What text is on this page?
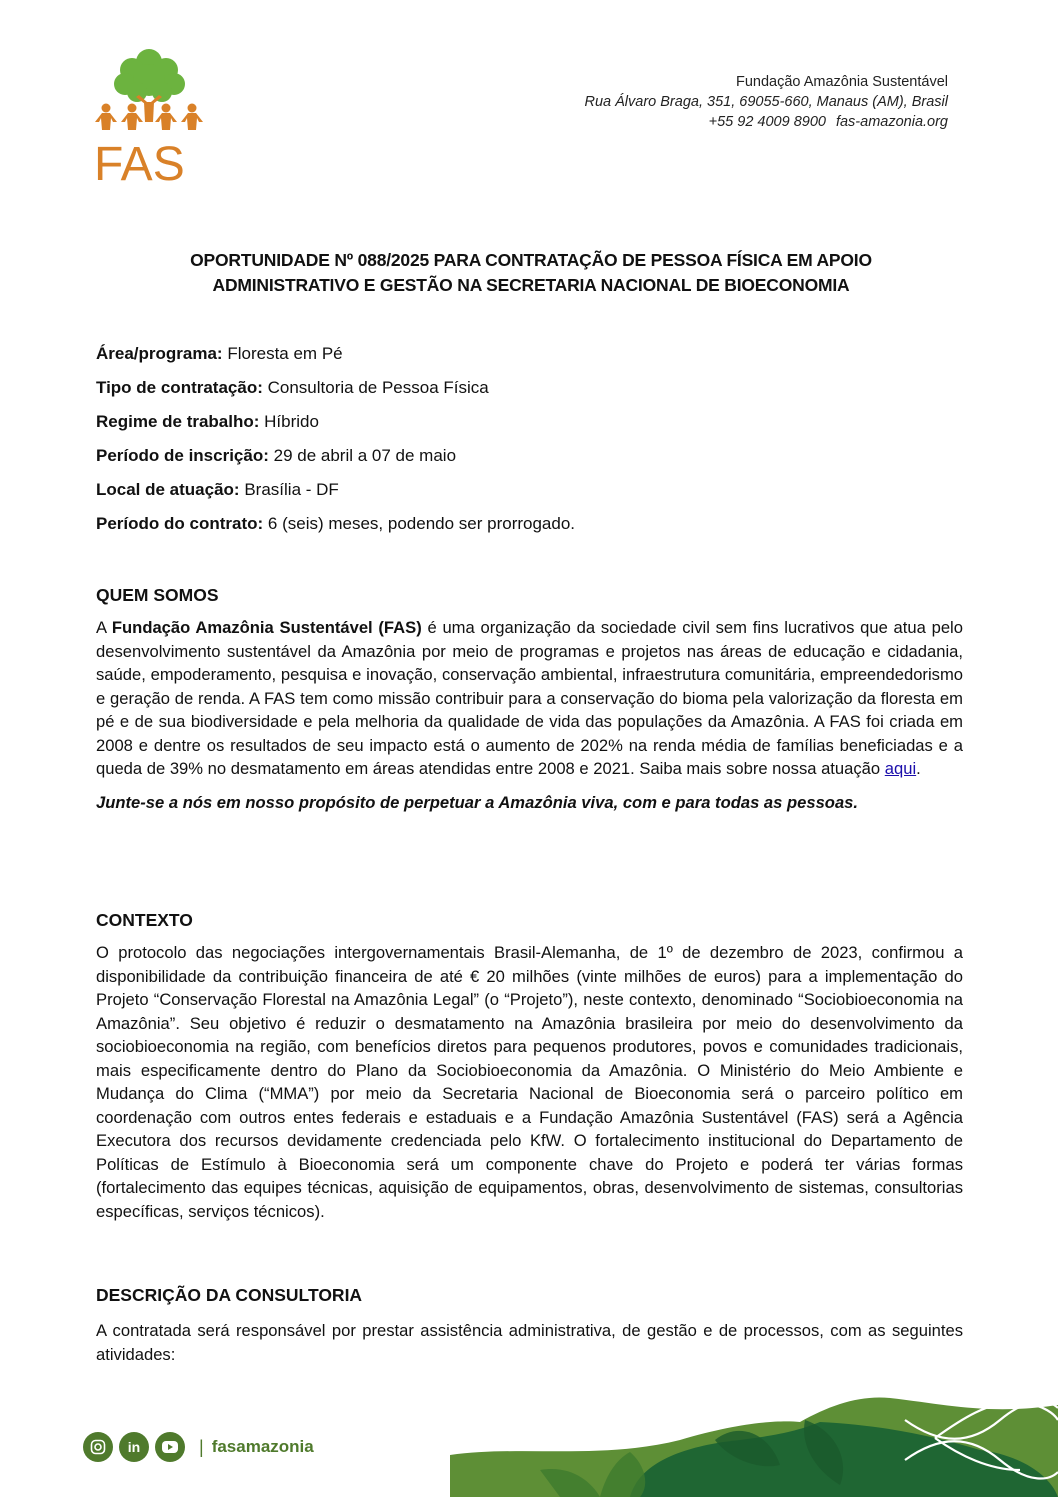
FAS
Fundação Amazônia Sustentável
Rua Álvaro Braga, 351, 69055-660, Manaus (AM), Brasil
+55 92 4009 8900 fas-amazonia.org
OPORTUNIDADE Nº 088/2025 PARA CONTRATAÇÃO DE PESSOA FÍSICA EM APOIO
ADMINISTRATIVO E GESTÃO NA SECRETARIA NACIONAL DE BIOECONOMIA
Área/programa: Floresta em Pé
Tipo de contratação: Consultoria de Pessoa Física
Regime de trabalho: Híbrido
Período de inscrição: 29 de abril a 07 de maio
Local de atuação: Brasília - DF
Período do contrato: 6 (seis) meses, podendo ser prorrogado.
QUEM SOMOS

A Fundação Amazônia Sustentável (FAS) é uma organização da sociedade civil sem fins lucrativos que atua pelo desenvolvimento sustentável da Amazônia por meio de programas e projetos nas áreas de educação e cidadania, saúde, empoderamento, pesquisa e inovação, conservação ambiental, infraestrutura comunitária, empreendedorismo e geração de renda. A FAS tem como missão contribuir para a conservação do bioma pela valorização da floresta em pé e de sua biodiversidade e pela melhoria da qualidade de vida das populações da Amazônia. A FAS foi criada em 2008 e dentre os resultados de seu impacto está o aumento de 202% na renda média de famílias beneficiadas e a queda de 39% no desmatamento em áreas atendidas entre 2008 e 2021. Saiba mais sobre nossa atuação aqui.

Junte-se a nós em nosso propósito de perpetuar a Amazônia viva, com e para todas as pessoas.

CONTEXTO

O protocolo das negociações intergovernamentais Brasil-Alemanha, de 1º de dezembro de 2023, confirmou a disponibilidade da contribuição financeira de até € 20 milhões (vinte milhões de euros) para a implementação do Projeto “Conservação Florestal na Amazônia Legal” (o “Projeto”), neste contexto, denominado “Sociobioeconomia na Amazônia”. Seu objetivo é reduzir o desmatamento na Amazônia brasileira por meio do desenvolvimento da sociobioeconomia na região, com benefícios diretos para pequenos produtores, povos e comunidades tradicionais, mais especificamente dentro do Plano da Sociobioeconomia da Amazônia. O Ministério do Meio Ambiente e Mudança do Clima (“MMA”) por meio da Secretaria Nacional de Bioeconomia será o parceiro político em coordenação com outros entes federais e estaduais e a Fundação Amazônia Sustentável (FAS) será a Agência Executora dos recursos devidamente credenciada pelo KfW. O fortalecimento institucional do Departamento de Políticas de Estímulo à Bioeconomia será um componente chave do Projeto e poderá ter várias formas (fortalecimento das equipes técnicas, aquisição de equipamentos, obras, desenvolvimento de sistemas, consultorias específicas, serviços técnicos).

DESCRIÇÃO DA CONSULTORIA

A contratada será responsável por prestar assistência administrativa, de gestão e de processos, com as seguintes atividades:

in	| fasamazonia
